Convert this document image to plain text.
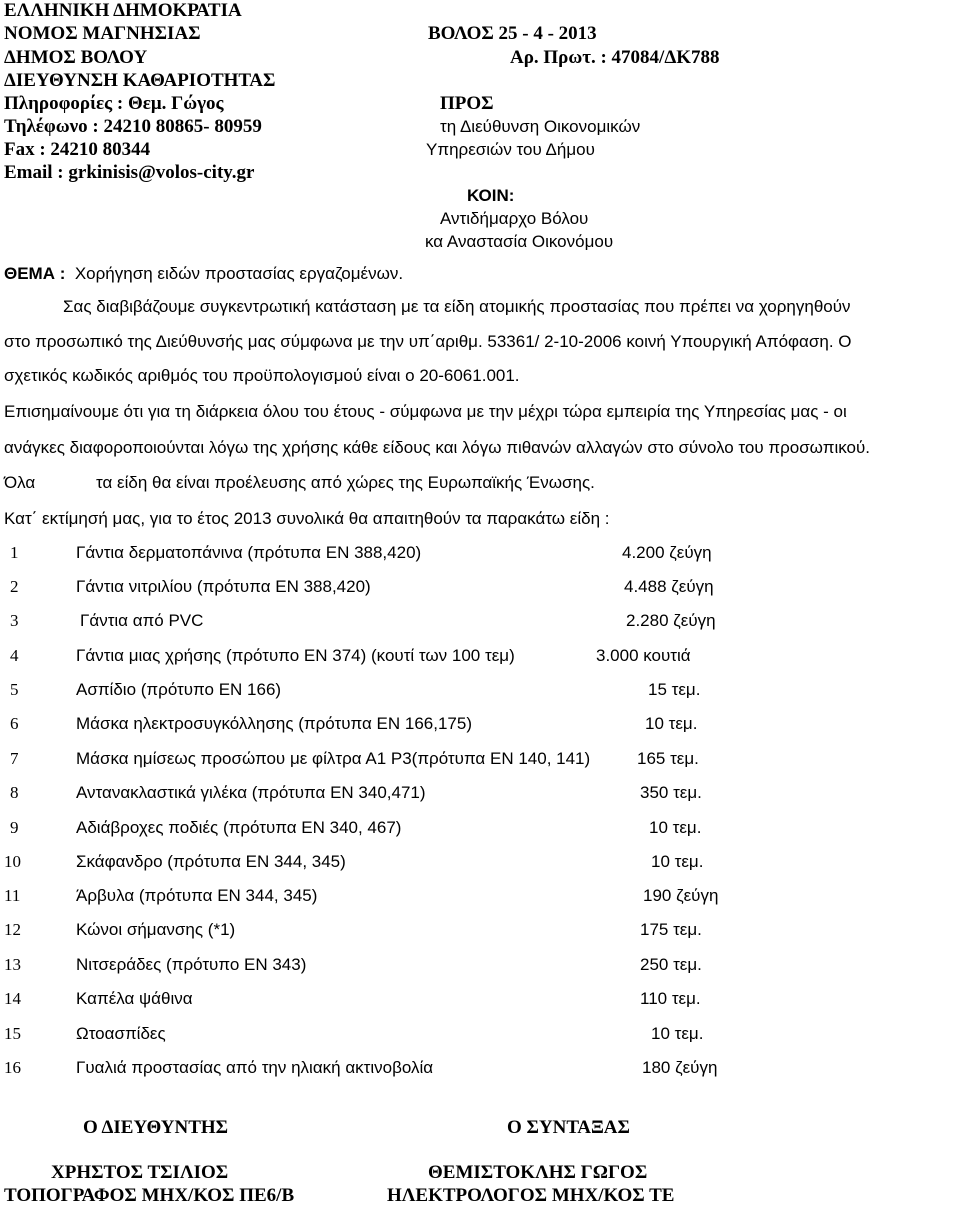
ΕΛΛΗΝΙΚΗ ΔΗΜΟΚΡΑΤΙΑ
ΝΟΜΟΣ ΜΑΓΝΗΣΙΑΣ
ΔΗΜΟΣ ΒΟΛΟΥ
ΔΙΕΥΘΥΝΣΗ ΚΑΘΑΡΙΟΤΗΤΑΣ
Πληροφορίες : Θεμ. Γώγος
Τηλέφωνο : 24210 80865- 80959
Fax : 24210 80344
Email : grkinisis@volos-city.gr
ΒΟΛΟΣ 25 - 4 - 2013
Αρ. Πρωτ. : 47084/ΔΚ788
ΠΡΟΣ
τη Διεύθυνση Οικονομικών
Υπηρεσιών του Δήμου
ΚΟΙΝ:
Αντιδήμαρχο Βόλου
κα Αναστασία Οικονόμου
ΘΕΜΑ : Χορήγηση ειδών προστασίας εργαζομένων.
Σας διαβιβάζουμε συγκεντρωτική κατάσταση με τα είδη ατομικής προστασίας που πρέπει να χορηγηθούν
στο προσωπικό της Διεύθυνσής μας σύμφωνα με την υπ΄αριθμ. 53361/ 2-10-2006 κοινή Υπουργική Απόφαση. Ο
σχετικός κωδικός αριθμός του προϋπολογισμού είναι ο 20-6061.001.
Επισημαίνουμε ότι για τη διάρκεια όλου του έτους - σύμφωνα με την μέχρι τώρα εμπειρία της Υπηρεσίας μας - οι
ανάγκες διαφοροποιούνται λόγω της χρήσης κάθε είδους και λόγω πιθανών αλλαγών στο σύνολο του προσωπικού.
Όλα	τα είδη θα είναι προέλευσης από χώρες της Ευρωπαϊκής Ένωσης.
Κατ΄ εκτίμησή μας, για το έτος 2013 συνολικά θα απαιτηθούν τα παρακάτω είδη :
1	Γάντια δερματοπάνινα (πρότυπα ΕΝ 388,420)	4.200 ζεύγη
2	Γάντια νιτριλίου (πρότυπα ΕΝ 388,420)	4.488 ζεύγη
3	Γάντια από PVC	2.280 ζεύγη
4	Γάντια μιας χρήσης (πρότυπο ΕΝ 374) (κουτί των 100 τεμ)	3.000 κουτιά
5	Ασπίδιο (πρότυπο ΕΝ 166)	15 τεμ.
6	Μάσκα ηλεκτροσυγκόλλησης (πρότυπα ΕΝ 166,175)	10 τεμ.
7	Μάσκα ημίσεως προσώπου με φίλτρα Α1 Ρ3(πρότυπα ΕΝ 140, 141)	165 τεμ.
8	Αντανακλαστικά γιλέκα (πρότυπα ΕΝ 340,471)	350 τεμ.
9	Αδιάβροχες ποδιές (πρότυπα ΕΝ 340, 467)	10 τεμ.
10	Σκάφανδρο (πρότυπα ΕΝ 344, 345)	10 τεμ.
11	Άρβυλα (πρότυπα ΕΝ 344, 345)	190 ζεύγη
12	Κώνοι σήμανσης (*1)	175 τεμ.
13	Νιτσεράδες (πρότυπο ΕΝ 343)	250 τεμ.
14	Καπέλα ψάθινα	110 τεμ.
15	Ωτοασπίδες	10 τεμ.
16	Γυαλιά προστασίας από την ηλιακή ακτινοβολία	180 ζεύγη
Ο ΔΙΕΥΘΥΝΤΗΣ	Ο ΣΥΝΤΑΞΑΣ
ΧΡΗΣΤΟΣ ΤΣΙΛΙΟΣ	ΘΕΜΙΣΤΟΚΛΗΣ ΓΩΓΟΣ
ΤΟΠΟΓΡΑΦΟΣ ΜΗΧ/ΚΟΣ ΠΕ6/Β	ΗΛΕΚΤΡΟΛΟΓΟΣ ΜΗΧ/ΚΟΣ ΤΕ
